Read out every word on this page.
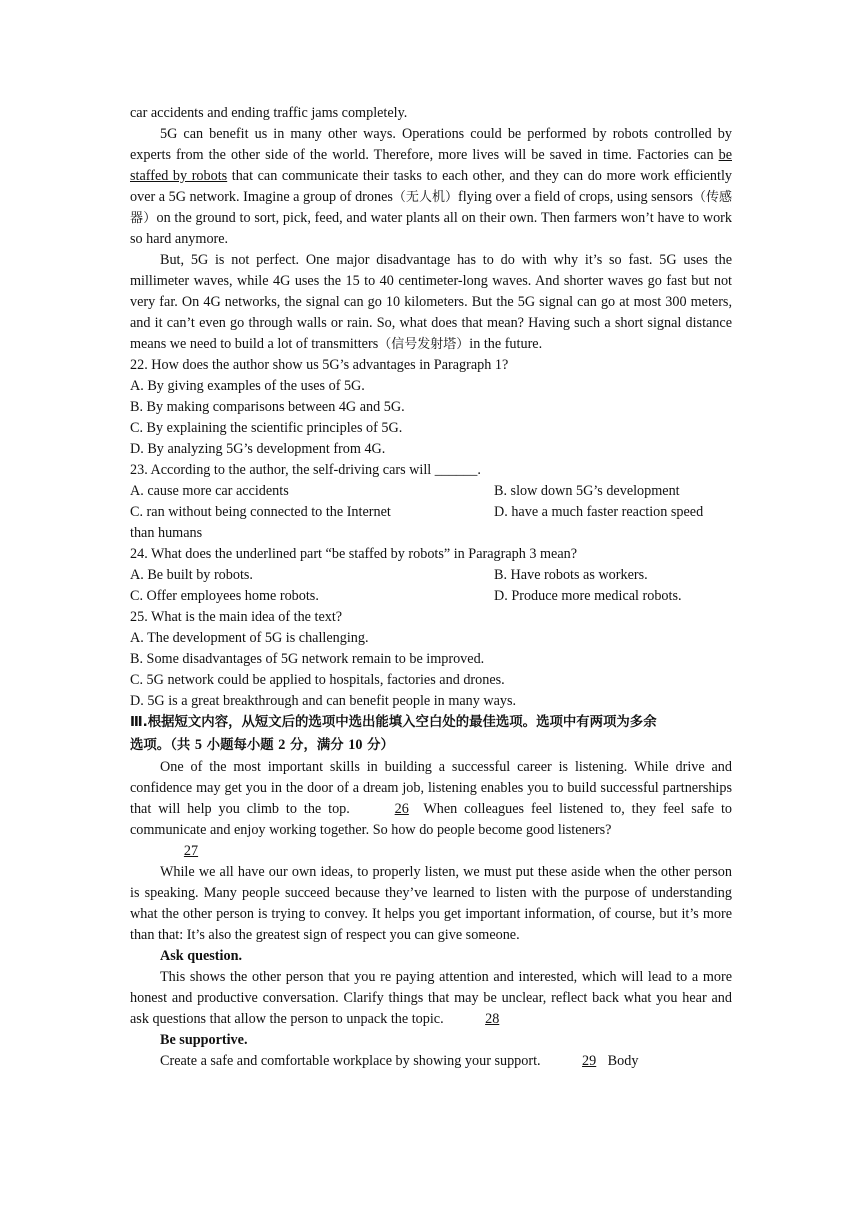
car accidents and ending traffic jams completely.

5G can benefit us in many other ways. Operations could be performed by robots controlled by experts from the other side of the world. Therefore, more lives will be saved in time. Factories can be staffed by robots that can communicate their tasks to each other, and they can do more work efficiently over a 5G network. Imagine a group of drones（无人机）flying over a field of crops, using sensors（传感器）on the ground to sort, pick, feed, and water plants all on their own. Then farmers won’t have to work so hard anymore.

But, 5G is not perfect. One major disadvantage has to do with why it’s so fast. 5G uses the millimeter waves, while 4G uses the 15 to 40 centimeter-long waves. And shorter waves go fast but not very far. On 4G networks, the signal can go 10 kilometers. But the 5G signal can go at most 300 meters, and it can’t even go through walls or rain. So, what does that mean? Having such a short signal distance means we need to build a lot of transmitters（信号发射塔）in the future.

22. How does the author show us 5G’s advantages in Paragraph 1?

A. By giving examples of the uses of 5G.

B. By making comparisons between 4G and 5G.

C. By explaining the scientific principles of 5G.

D. By analyzing 5G’s development from 4G.

23. According to the author, the self-driving cars will ______.

A. cause more car accidents	B. slow down 5G’s development
C. ran without being connected to the Internet	D. have a much faster reaction speed

than humans

24. What does the underlined part “be staffed by robots” in Paragraph 3 mean?

A. Be built by robots.	B. Have robots as workers.
C. Offer employees home robots.	D. Produce more medical robots.

25. What is the main idea of the text?

A. The development of 5G is challenging.

B. Some disadvantages of 5G network remain to be improved.

C. 5G network could be applied to hospitals, factories and drones.

D. 5G is a great breakthrough and can benefit people in many ways.

Ⅲ.根据短文内容，从短文后的选项中选出能填入空白处的最佳选项。选项中有两项为多余
选项。（共 5 小题每小题 2 分，满分 10 分）

One of the most important skills in building a successful career is listening. While drive and confidence may get you in the door of a dream job, listening enables you to build successful partnerships that will help you climb to the top.	26 When colleagues feel listened to, they feel safe to communicate and enjoy working together. So how do people become good listeners?

27

While we all have our own ideas, to properly listen, we must put these aside when the other person is speaking. Many people succeed because they’ve learned to listen with the purpose of understanding what the other person is trying to convey. It helps you get important information, of course, but it’s more than that: It’s also the greatest sign of respect you can give someone.

Ask question.

This shows the other person that you re paying attention and interested, which will lead to a more honest and productive conversation. Clarify things that may be unclear, reflect back what you hear and ask questions that allow the person to unpack the topic.	28

Be supportive.

Create a safe and comfortable workplace by showing your support.	29 Body
